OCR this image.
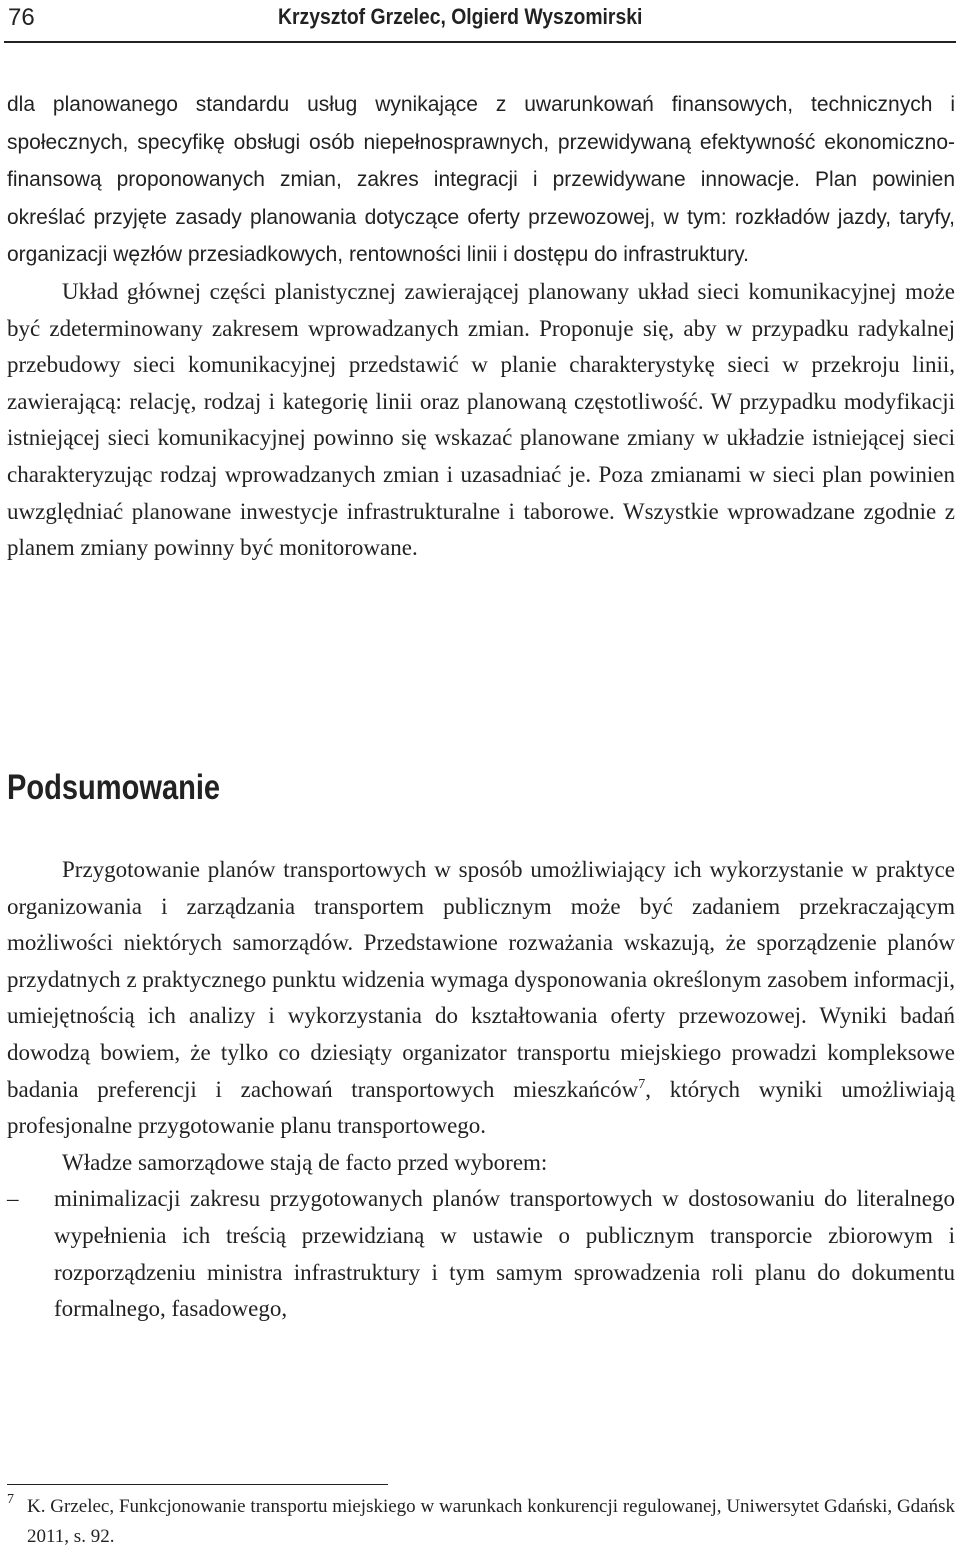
76	Krzysztof Grzelec, Olgierd Wyszomirski

dla planowanego standardu usług wynikające z uwarunkowań finansowych, technicznych i społecznych, specyfikę obsługi osób niepełnosprawnych, przewidywaną efektywność ekonomiczno-finansową proponowanych zmian, zakres integracji i przewidywane innowacje. Plan powinien określać przyjęte zasady planowania dotyczące oferty przewozowej, w tym: rozkładów jazdy, taryfy, organizacji węzłów przesiadkowych, rentowności linii i dostępu do infrastruktury.

Układ głównej części planistycznej zawierającej planowany układ sieci komunikacyjnej może być zdeterminowany zakresem wprowadzanych zmian. Proponuje się, aby w przypadku radykalnej przebudowy sieci komunikacyjnej przedstawić w planie charakterystykę sieci w przekroju linii, zawierającą: relację, rodzaj i kategorię linii oraz planowaną częstotliwość. W przypadku modyfikacji istniejącej sieci komunikacyjnej powinno się wskazać planowane zmiany w układzie istniejącej sieci charakteryzując rodzaj wprowadzanych zmian i uzasadniać je. Poza zmianami w sieci plan powinien uwzględniać planowane inwestycje infrastrukturalne i taborowe. Wszystkie wprowadzane zgodnie z planem zmiany powinny być monitorowane.

Podsumowanie

Przygotowanie planów transportowych w sposób umożliwiający ich wykorzystanie w praktyce organizowania i zarządzania transportem publicznym może być zadaniem przekraczającym możliwości niektórych samorządów. Przedstawione rozważania wskazują, że sporządzenie planów przydatnych z praktycznego punktu widzenia wymaga dysponowania określonym zasobem informacji, umiejętnością ich analizy i wykorzystania do kształtowania oferty przewozowej. Wyniki badań dowodzą bowiem, że tylko co dziesiąty organizator transportu miejskiego prowadzi kompleksowe badania preferencji i zachowań transportowych mieszkańców$^7$, których wyniki umożliwiają profesjonalne przygotowanie planu transportowego.

Władze samorządowe stają de facto przed wyborem:

– minimalizacji zakresu przygotowanych planów transportowych w dostosowaniu do literalnego wypełnienia ich treścią przewidzianą w ustawie o publicznym transporcie zbiorowym i rozporządzeniu ministra infrastruktury i tym samym sprowadzenia roli planu do dokumentu formalnego, fasadowego,
7 K. Grzelec, Funkcjonowanie transportu miejskiego w warunkach konkurencji regulowanej, Uniwersytet Gdański, Gdańsk 2011, s. 92.
